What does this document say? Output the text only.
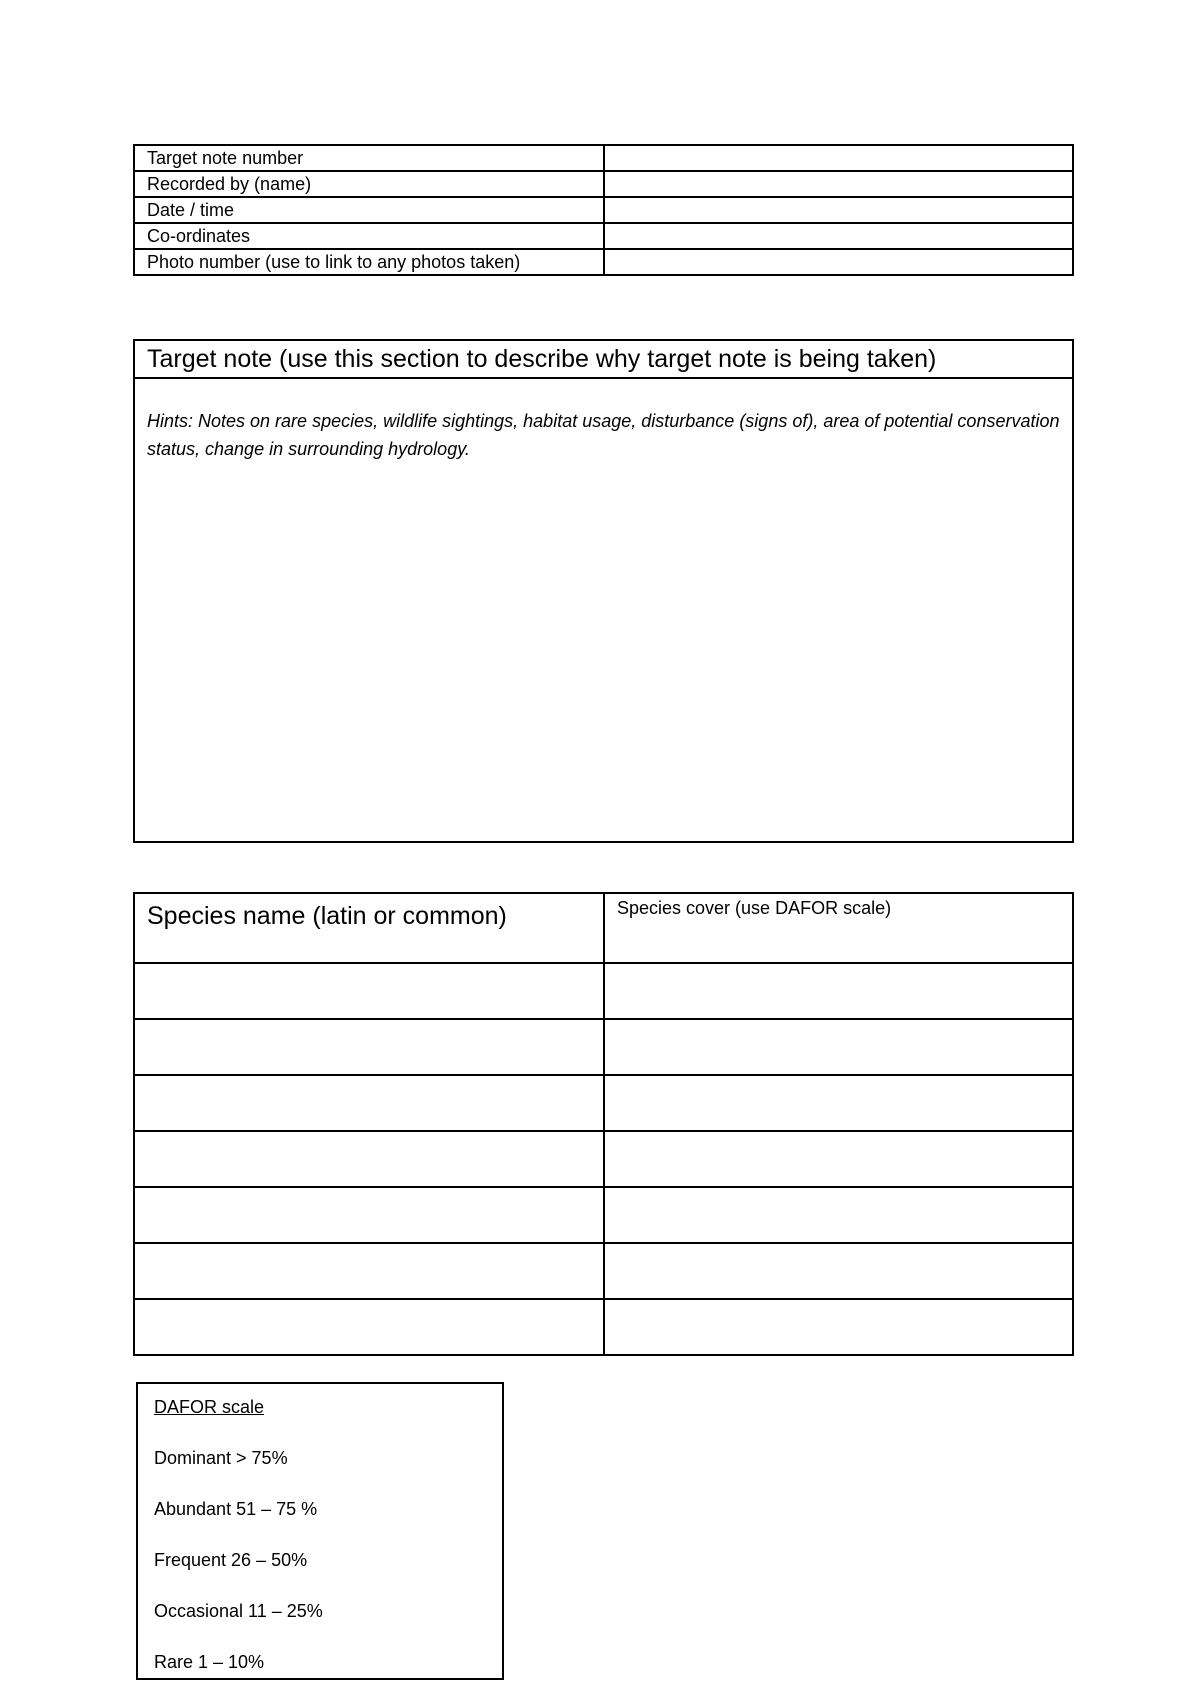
Target note number	
Recorded by (name)	
Date / time	
Co-ordinates	
Photo number (use to link to any photos taken)	
Target note (use this section to describe why target note is being taken)
Hints: Notes on rare species, wildlife sightings, habitat usage, disturbance (signs of), area of potential conservation status, change in surrounding hydrology.
Species name (latin or common)	Species cover (use DAFOR scale)

DAFOR scale
Dominant > 75%
Abundant 51 – 75 %
Frequent 26 – 50%
Occasional 11 – 25%
Rare 1 – 10%
